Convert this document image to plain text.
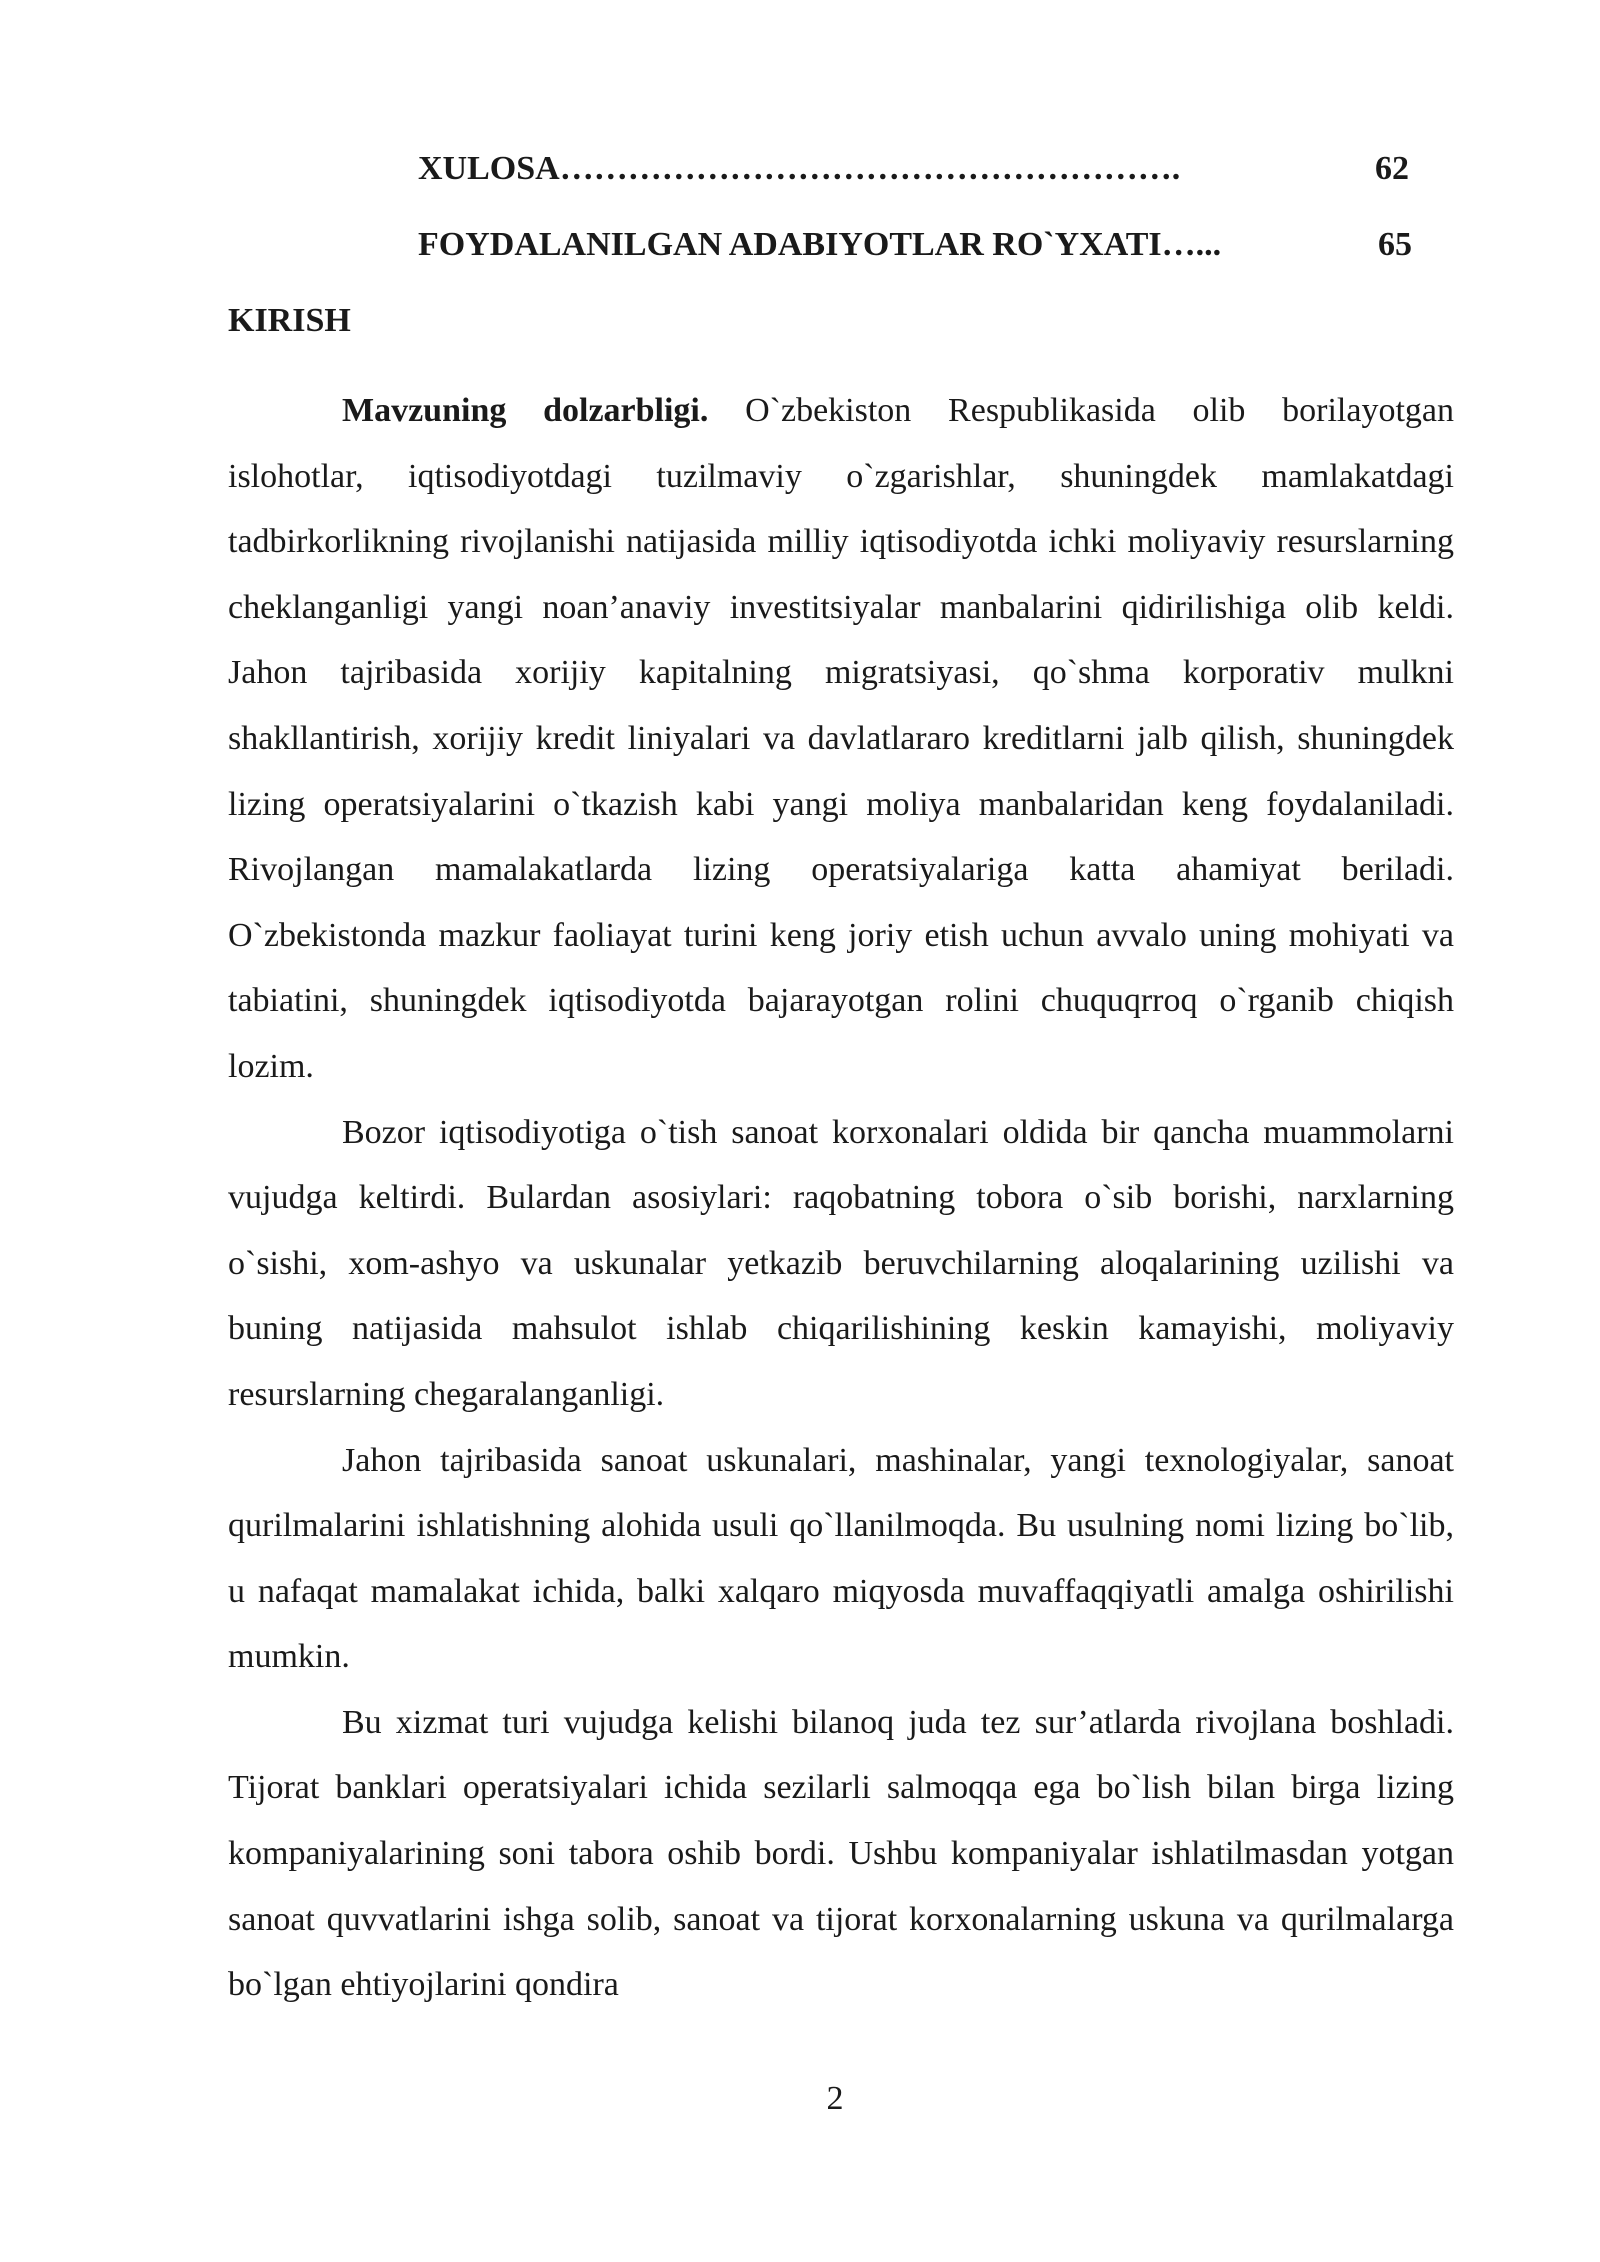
XULOSA……………………………………………….	62
FOYDALANILGAN ADABIYOTLAR RO`YXATI…...	65
KIRISH

Mavzuning dolzarbligi. O`zbekiston Respublikasida olib borilayotgan islohotlar, iqtisodiyotdagi tuzilmaviy o`zgarishlar, shuningdek mamlakatdagi tadbirkorlikning rivojlanishi natijasida milliy iqtisodiyotda ichki moliyaviy resurslarning cheklanganligi yangi noan’anaviy investitsiyalar manbalarini qidirilishiga olib keldi. Jahon tajribasida xorijiy kapitalning migratsiyasi, qo`shma korporativ mulkni shakllantirish, xorijiy kredit liniyalari va davlatlararo kreditlarni jalb qilish, shuningdek lizing operatsiyalarini o`tkazish kabi yangi moliya manbalaridan keng foydalaniladi. Rivojlangan mamalakatlarda lizing operatsiyalariga katta ahamiyat beriladi. O`zbekistonda mazkur faoliayat turini keng joriy etish uchun avvalo uning mohiyati va tabiatini, shuningdek iqtisodiyotda bajarayotgan rolini chuquqrroq o`rganib chiqish lozim.

Bozor iqtisodiyotiga o`tish sanoat korxonalari oldida bir qancha muammolarni vujudga keltirdi. Bulardan asosiylari: raqobatning tobora o`sib borishi, narxlarning o`sishi, xom-ashyo va uskunalar yetkazib beruvchilarning aloqalarining uzilishi va buning natijasida mahsulot ishlab chiqarilishining keskin kamayishi, moliyaviy resurslarning chegaralanganligi.

Jahon tajribasida sanoat uskunalari, mashinalar, yangi texnologiyalar, sanoat qurilmalarini ishlatishning alohida usuli qo`llanilmoqda. Bu usulning nomi lizing bo`lib, u nafaqat mamalakat ichida, balki xalqaro miqyosda muvaffaqqiyatli amalga oshirilishi mumkin.

Bu xizmat turi vujudga kelishi bilanoq juda tez sur’atlarda rivojlana boshladi. Tijorat banklari operatsiyalari ichida sezilarli salmoqqa ega bo`lish bilan birga lizing kompaniyalarining soni tabora oshib bordi. Ushbu kompaniyalar ishlatilmasdan yotgan sanoat quvvatlarini ishga solib, sanoat va tijorat korxonalarning uskuna va qurilmalarga bo`lgan ehtiyojlarini qondira

2
